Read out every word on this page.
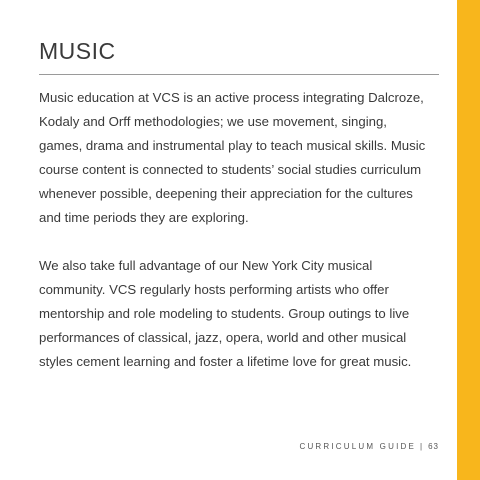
MUSIC

Music education at VCS is an active process integrating Dalcroze,
Kodaly and Orff methodologies; we use movement, singing,
games, drama and instrumental play to teach musical skills. Music
course content is connected to students’ social studies curriculum
whenever possible, deepening their appreciation for the cultures
and time periods they are exploring.

We also take full advantage of our New York City musical
community. VCS regularly hosts performing artists who offer
mentorship and role modeling to students. Group outings to live
performances of classical, jazz, opera, world and other musical
styles cement learning and foster a lifetime love for great music.

CURRICULUM GUIDE | 63
